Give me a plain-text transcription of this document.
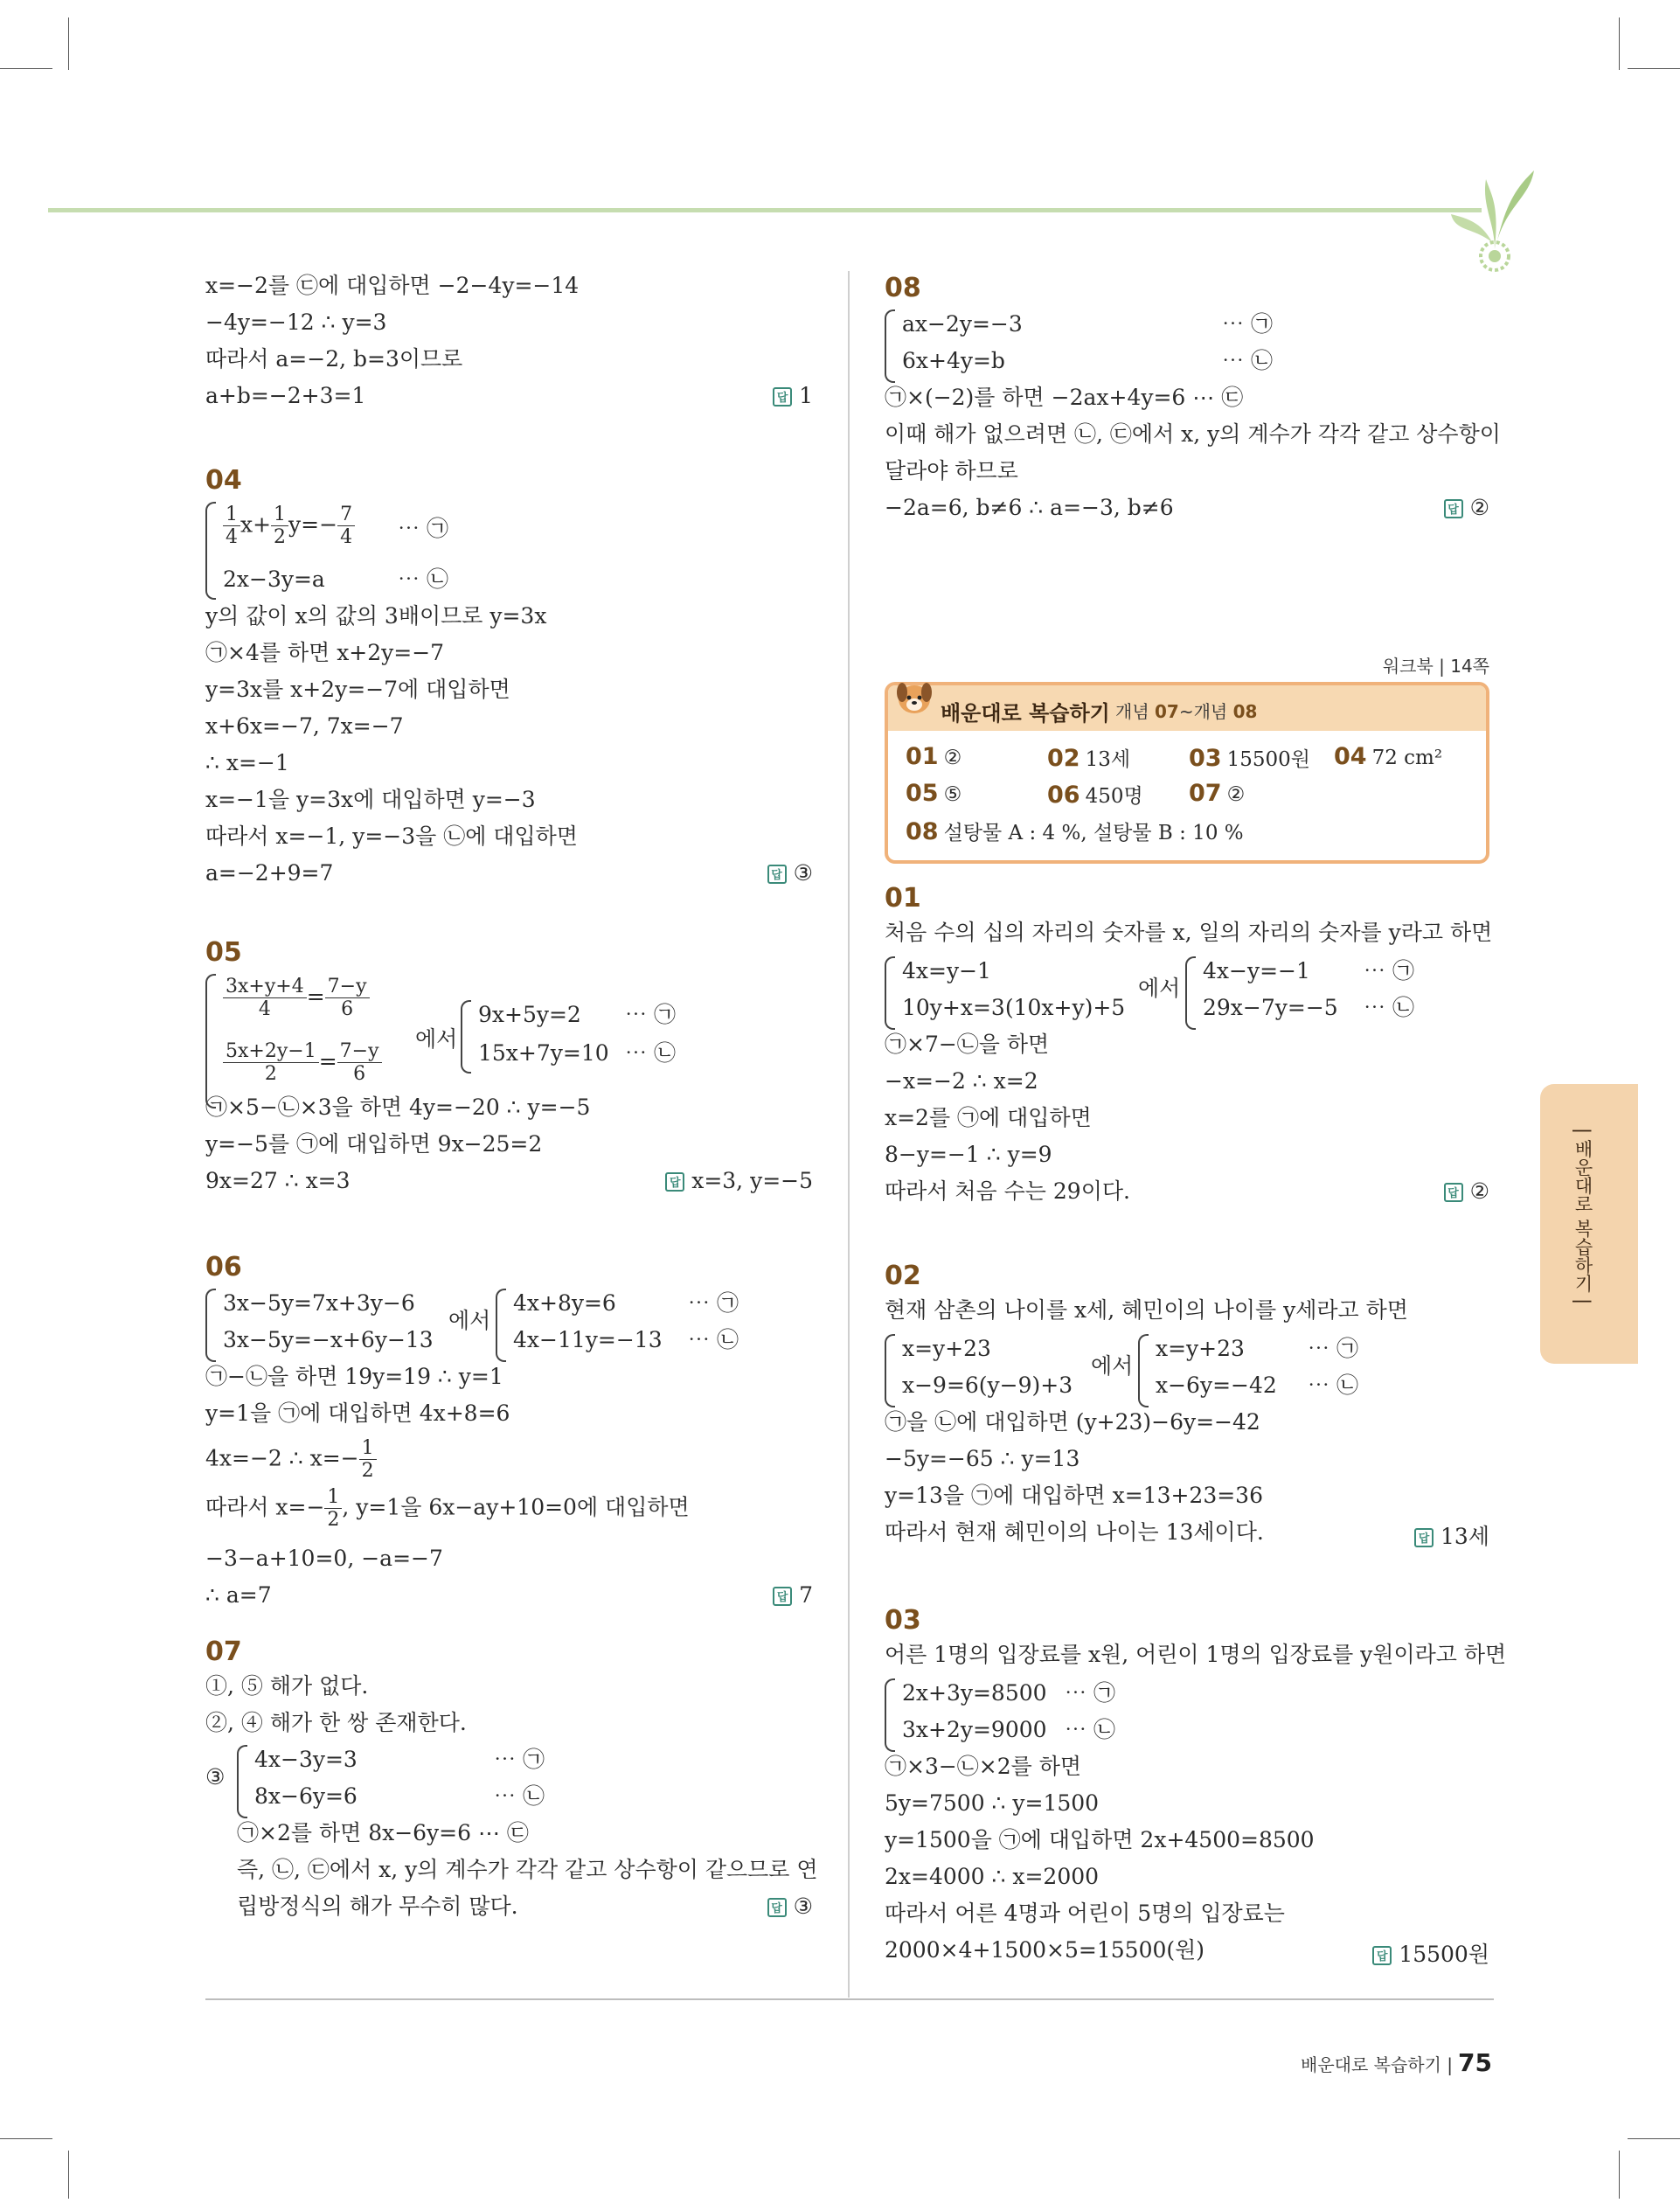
x=−2를 ㉢에 대입하면 −2−4y=−14
−4y=−12 ∴ y=3
따라서 a=−2, b=3이므로
a+b=−2+3=1	답 1
04
$\frac{1}{4} x+ \frac{1}{2} y=- \frac{7}{4}$ ⋯ ㉠
2x−3y=a	⋯ ㉡
y의 값이 x의 값의 3배이므로 y=3x
㉠×4를 하면 x+2y=−7
y=3x를 x+2y=−7에 대입하면
x+6x=−7, 7x=−7
∴ x=−1
x=−1을 y=3x에 대입하면 y=−3
따라서 x=−1, y=−3을 ㉡에 대입하면
a=−2+9=7	답 ③
05
$\frac{3x+y+4}{4} = \frac{7-y}{6}$
$\frac{5x+2y-1}{2} = \frac{7-y}{6}$
에서
9x+5y=2 ⋯ ㉠
15x+7y=10 ⋯ ㉡
㉠×5−㉡×3을 하면 4y=−20 ∴ y=−5
y=−5를 ㉠에 대입하면 9x−25=2
9x=27 ∴ x=3	답 x=3, y=−5
06
3x−5y=7x+3y−6
3x−5y=−x+6y−13
에서
4x+8y=6	⋯ ㉠
4x−11y=−13 ⋯ ㉡
㉠−㉡을 하면 19y=19 ∴ y=1
y=1을 ㉠에 대입하면 4x+8=6
4x=−2 ∴ $x=- \frac{1}{2}$
따라서 $x=- \frac{1}{2}$ , y=1을 6x−ay+10=0에 대입하면
−3−a+10=0, −a=−7
∴ a=7	답 7
07
①, ⑤ 해가 없다.
②, ④ 해가 한 쌍 존재한다.
③
4x−3y=3	⋯ ㉠
8x−6y=6	⋯ ㉡
㉠×2를 하면 8x−6y=6 ⋯ ㉢
즉, ㉡, ㉢에서 x, y의 계수가 각각 같고 상수항이 같으므로 연
립방정식의 해가 무수히 많다.	답 ③
08
ax−2y=−3	⋯ ㉠
6x+4y=b	⋯ ㉡
㉠×(−2)를 하면 −2ax+4y=6 ⋯ ㉢
이때 해가 없으려면 ㉡, ㉢에서 x, y의 계수가 각각 같고 상수항이
달라야 하므로
−2a=6, b≠6 ∴ a=−3, b≠6	답 ②
워크북 | 14쪽
배운대로 복습하기 개념 07~개념 08
01 ②	02 13세 03 15500원 04 72 cm²
05 ⑤	06 450명 07 ②
08 설탕물 A : 4 %, 설탕물 B : 10 %
01
처음 수의 십의 자리의 숫자를 x, 일의 자리의 숫자를 y라고 하면
4x=y−1
10y+x=3(10x+y)+5
에서
4x−y=−1 ⋯ ㉠
29x−7y=−5 ⋯ ㉡
㉠×7−㉡을 하면
−x=−2 ∴ x=2
x=2를 ㉠에 대입하면
8−y=−1 ∴ y=9
따라서 처음 수는 29이다.	답 ②
02
현재 삼촌의 나이를 x세, 혜민이의 나이를 y세라고 하면
x=y+23
x−9=6(y−9)+3
에서
x=y+23	⋯ ㉠
x−6y=−42 ⋯ ㉡
㉠을 ㉡에 대입하면 (y+23)−6y=−42
−5y=−65 ∴ y=13
y=13을 ㉠에 대입하면 x=13+23=36
따라서 현재 혜민이의 나이는 13세이다.	답 13세
03
어른 1명의 입장료를 x원, 어린이 1명의 입장료를 y원이라고 하면
2x+3y=8500 ⋯ ㉠
3x+2y=9000 ⋯ ㉡
㉠×3−㉡×2를 하면
5y=7500 ∴ y=1500
y=1500을 ㉠에 대입하면 2x+4500=8500
2x=4000 ∴ x=2000
따라서 어른 4명과 어린이 5명의 입장료는
2000×4+1500×5=15500(원)	답 15500원
| 배운대로 복습하기 |
배운대로 복습하기 | 75
